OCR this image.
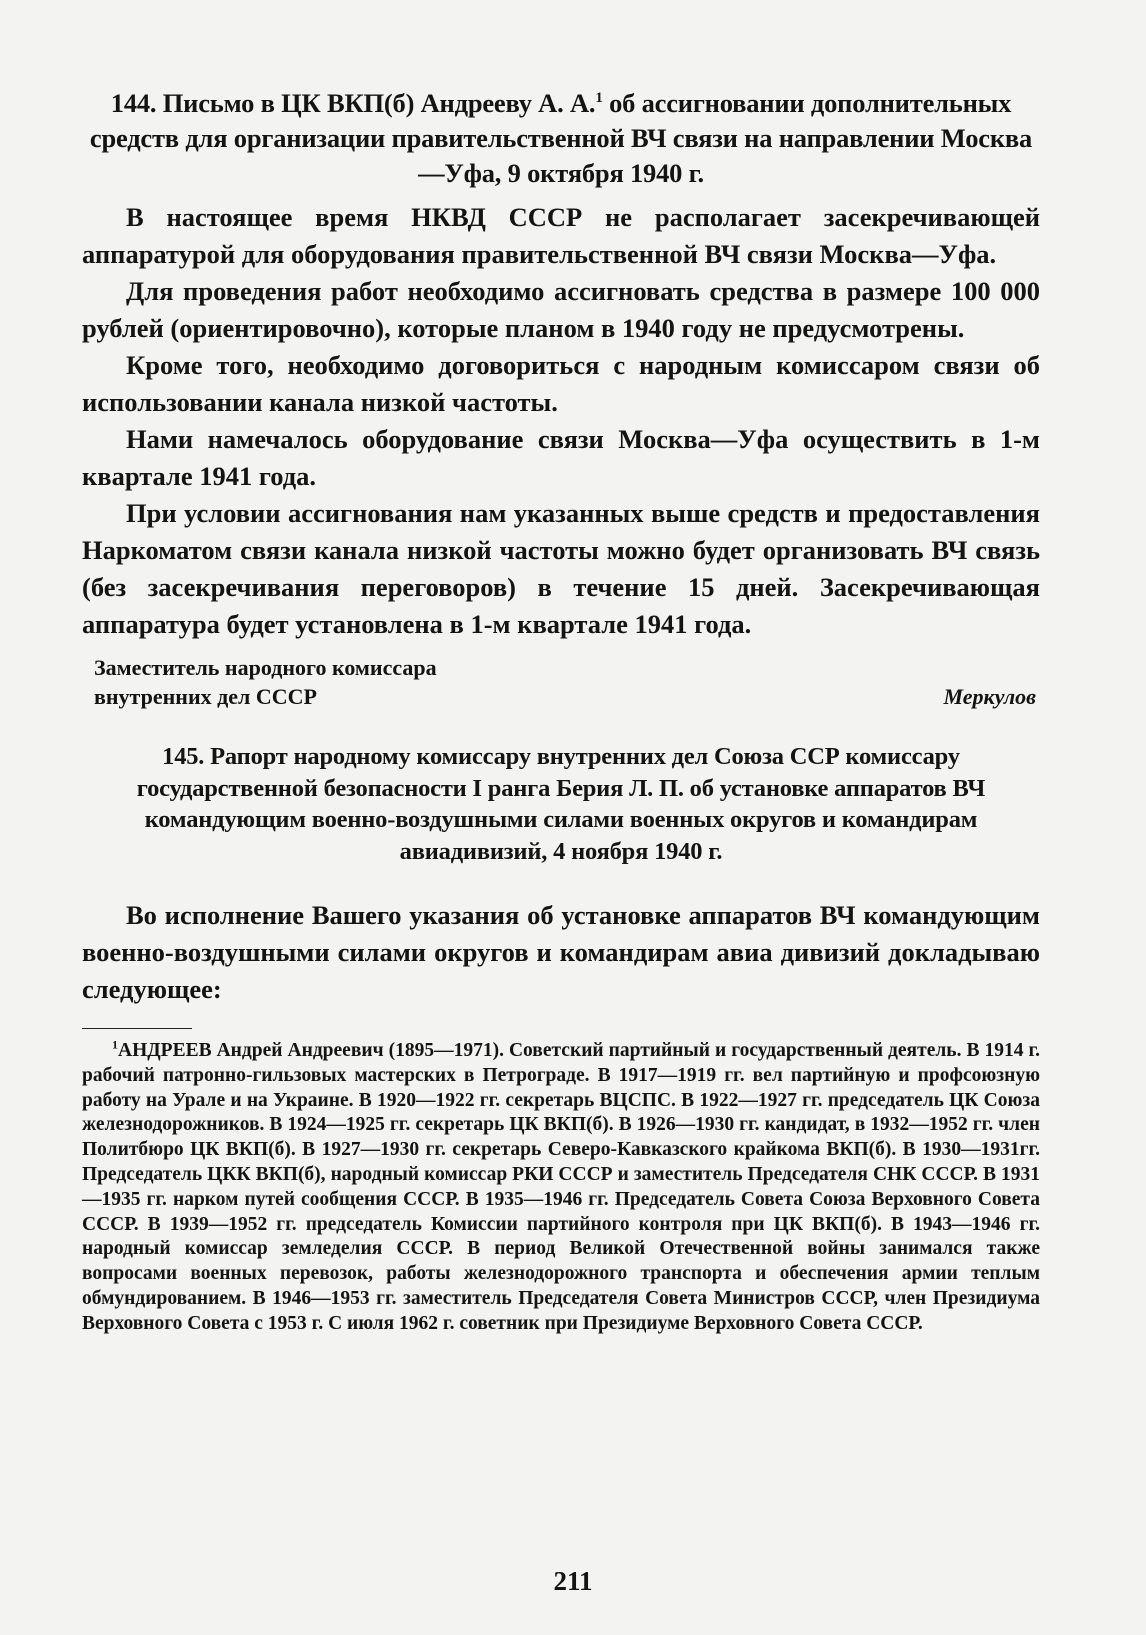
144. Письмо в ЦК ВКП(б) Андрееву А. А.$^1$ об ассигновании дополнительных средств для организации правительственной ВЧ связи на направлении Москва—Уфа, 9 октября 1940 г.

В настоящее время НКВД СССР не располагает засекречивающей аппаратурой для оборудования правительственной ВЧ связи Москва—Уфа.

Для проведения работ необходимо ассигновать средства в размере 100 000 рублей (ориентировочно), которые планом в 1940 году не предусмотрены.

Кроме того, необходимо договориться с народным комиссаром связи об использовании канала низкой частоты.

Нами намечалось оборудование связи Москва—Уфа осуществить в 1-м квартале 1941 года.

При условии ассигнования нам указанных выше средств и предоставления Наркоматом связи канала низкой частоты можно будет организовать ВЧ связь (без засекречивания переговоров) в течение 15 дней. Засекречивающая аппаратура будет установлена в 1-м квартале 1941 года.

Заместитель народного комиссара
внутренних дел СССР	Меркулов
145. Рапорт народному комиссару внутренних дел Союза ССР комиссару государственной безопасности I ранга Берия Л. П. об установке аппаратов ВЧ командующим военно-воздушными силами военных округов и командирам авиадивизий, 4 ноября 1940 г.

Во исполнение Вашего указания об установке аппаратов ВЧ командующим военно-воздушными силами округов и командирам авиа дивизий докладываю следующее:

$^1$АНДРЕЕВ Андрей Андреевич (1895—1971). Советский партийный и государственный деятель. В 1914 г. рабочий патронно-гильзовых мастерских в Петрограде. В 1917—1919 гг. вел партийную и профсоюзную работу на Урале и на Украине. В 1920—1922 гг. секретарь ВЦСПС. В 1922—1927 гг. председатель ЦК Союза железнодорожников. В 1924—1925 гг. секретарь ЦК ВКП(б). В 1926—1930 гг. кандидат, в 1932—1952 гг. член Политбюро ЦК ВКП(б). В 1927—1930 гг. секретарь Северо-Кавказского крайкома ВКП(б). В 1930—1931гг. Председатель ЦКК ВКП(б), народный комиссар РКИ СССР и заместитель Председателя СНК СССР. В 1931—1935 гг. нарком путей сообщения СССР. В 1935—1946 гг. Председатель Совета Союза Верховного Совета СССР. В 1939—1952 гг. председатель Комиссии партийного контроля при ЦК ВКП(б). В 1943—1946 гг. народный комиссар земледелия СССР. В период Великой Отечественной войны занимался также вопросами военных перевозок, работы железнодорожного транспорта и обеспечения армии теплым обмундированием. В 1946—1953 гг. заместитель Председателя Совета Министров СССР, член Президиума Верховного Совета с 1953 г. С июля 1962 г. советник при Президиуме Верховного Совета СССР.

211
